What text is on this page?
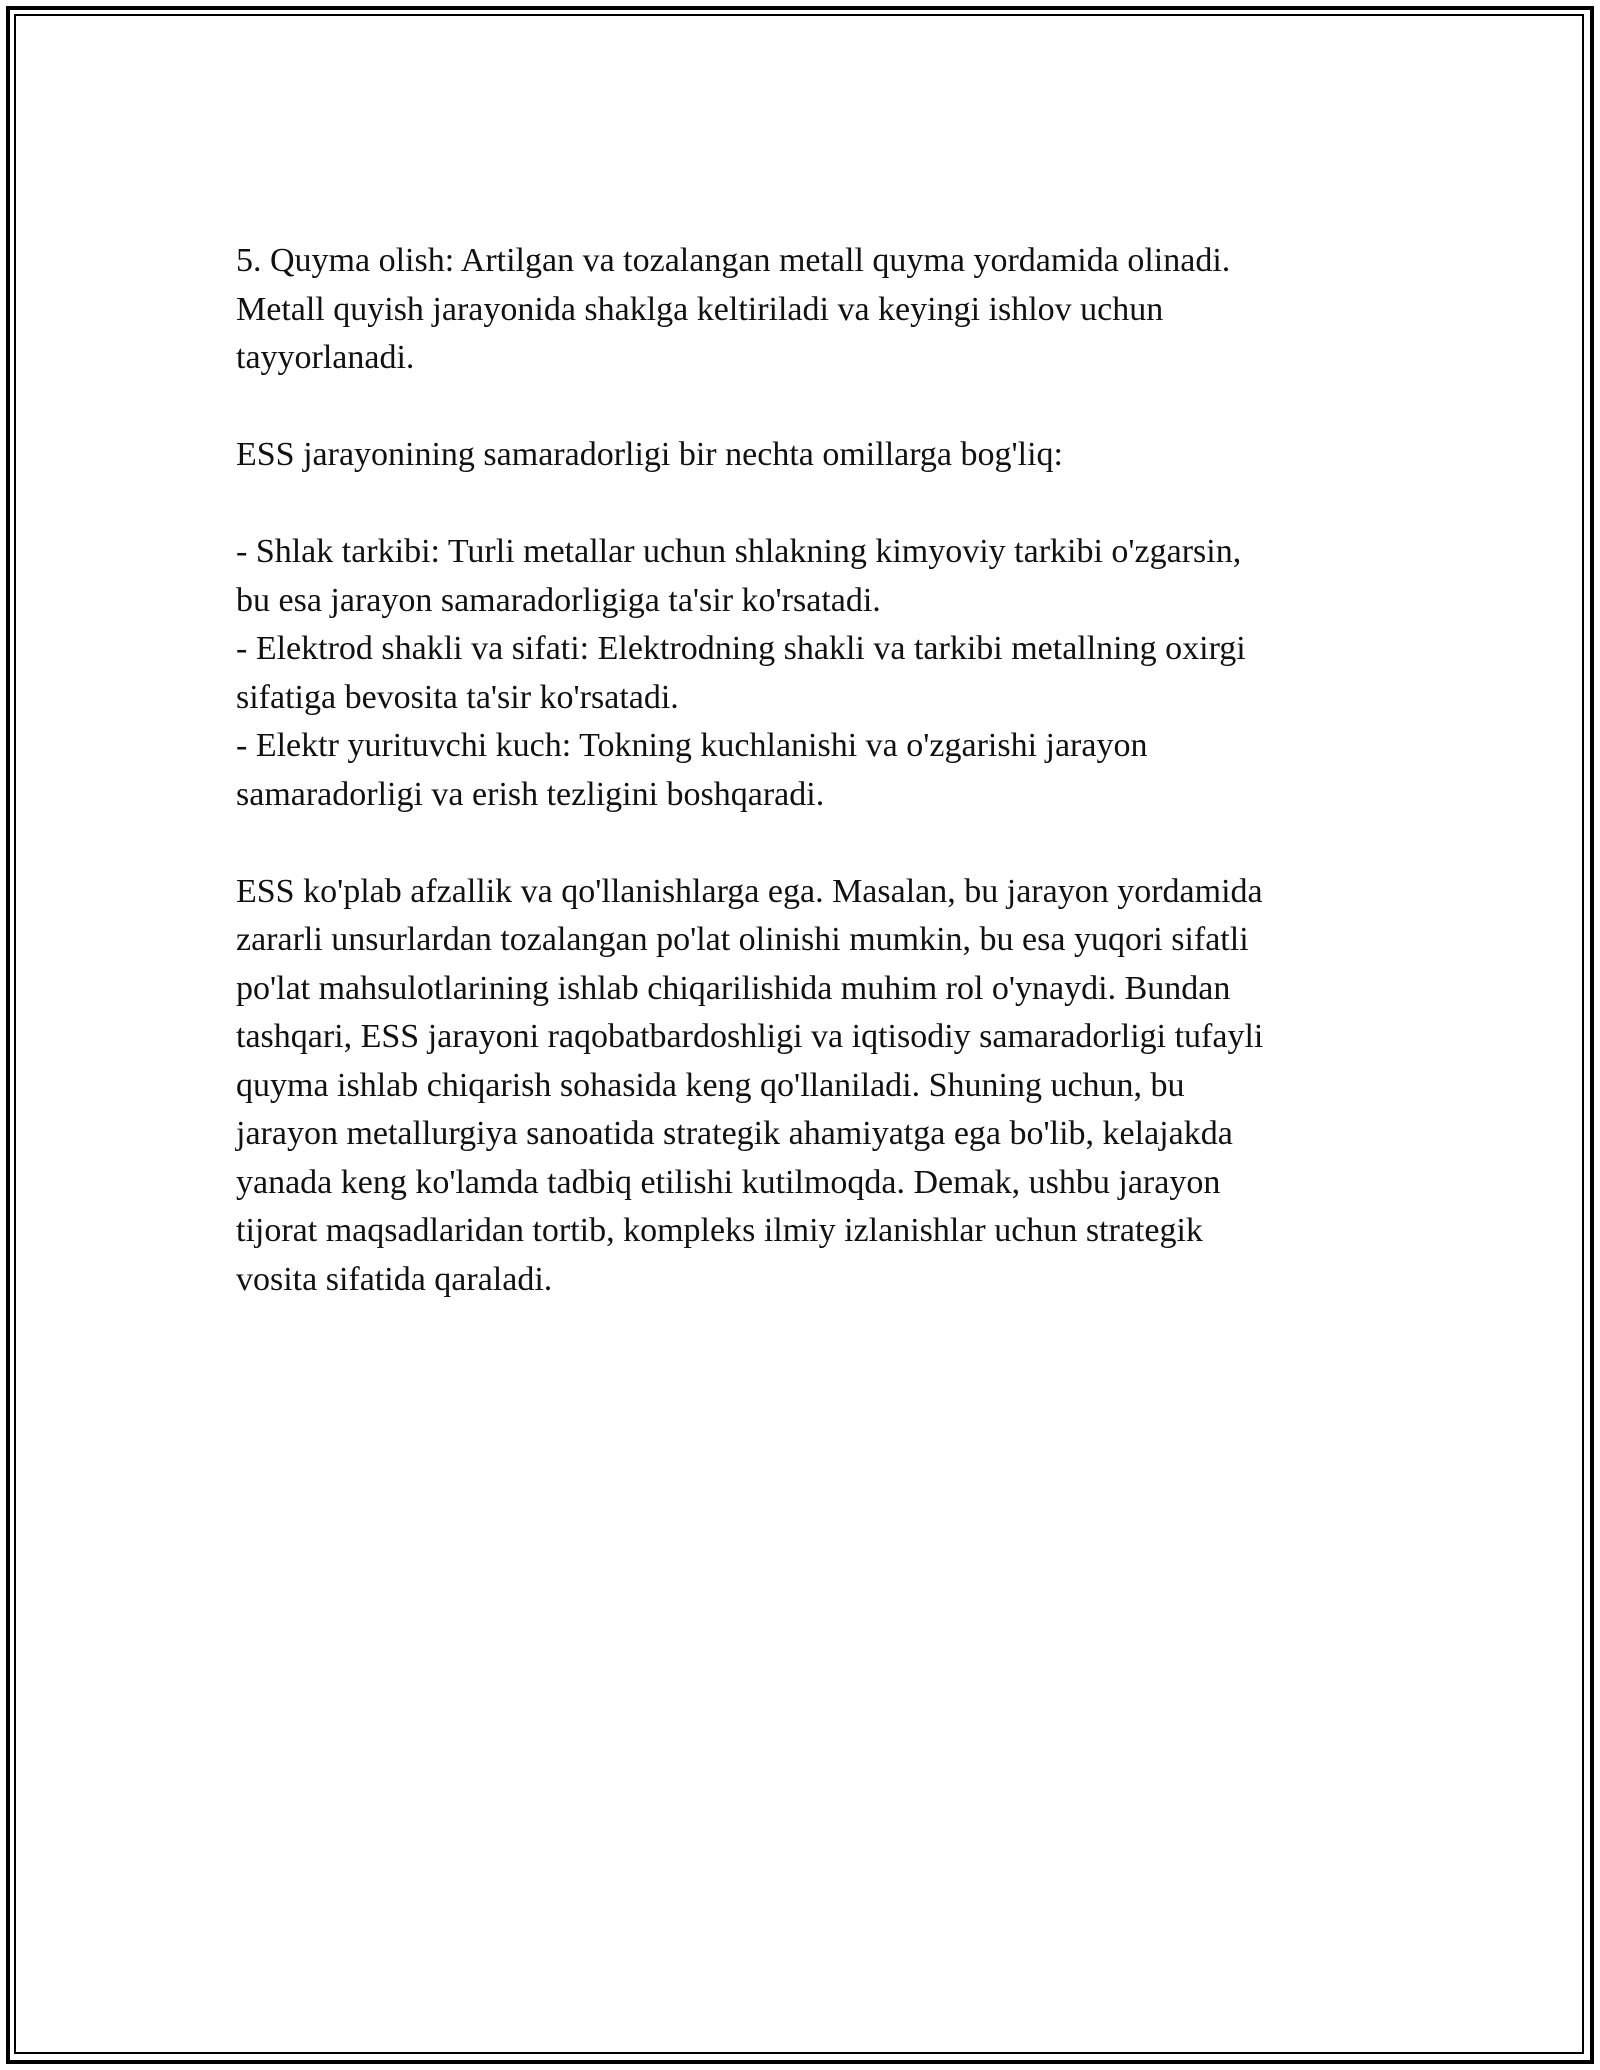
5. Quyma olish: Artilgan va tozalangan metall quyma yordamida olinadi.
Metall quyish jarayonida shaklga keltiriladi va keyingi ishlov uchun
tayyorlanadi.
ESS jarayonining samaradorligi bir nechta omillarga bog'liq:
- Shlak tarkibi: Turli metallar uchun shlakning kimyoviy tarkibi o'zgarsin,
bu esa jarayon samaradorligiga ta'sir ko'rsatadi.
- Elektrod shakli va sifati: Elektrodning shakli va tarkibi metallning oxirgi
sifatiga bevosita ta'sir ko'rsatadi.
- Elektr yurituvchi kuch: Tokning kuchlanishi va o'zgarishi jarayon
samaradorligi va erish tezligini boshqaradi.
ESS ko'plab afzallik va qo'llanishlarga ega. Masalan, bu jarayon yordamida
zararli unsurlardan tozalangan po'lat olinishi mumkin, bu esa yuqori sifatli
po'lat mahsulotlarining ishlab chiqarilishida muhim rol o'ynaydi. Bundan
tashqari, ESS jarayoni raqobatbardoshligi va iqtisodiy samaradorligi tufayli
quyma ishlab chiqarish sohasida keng qo'llaniladi. Shuning uchun, bu
jarayon metallurgiya sanoatida strategik ahamiyatga ega bo'lib, kelajakda
yanada keng ko'lamda tadbiq etilishi kutilmoqda. Demak, ushbu jarayon
tijorat maqsadlaridan tortib, kompleks ilmiy izlanishlar uchun strategik
vosita sifatida qaraladi.
